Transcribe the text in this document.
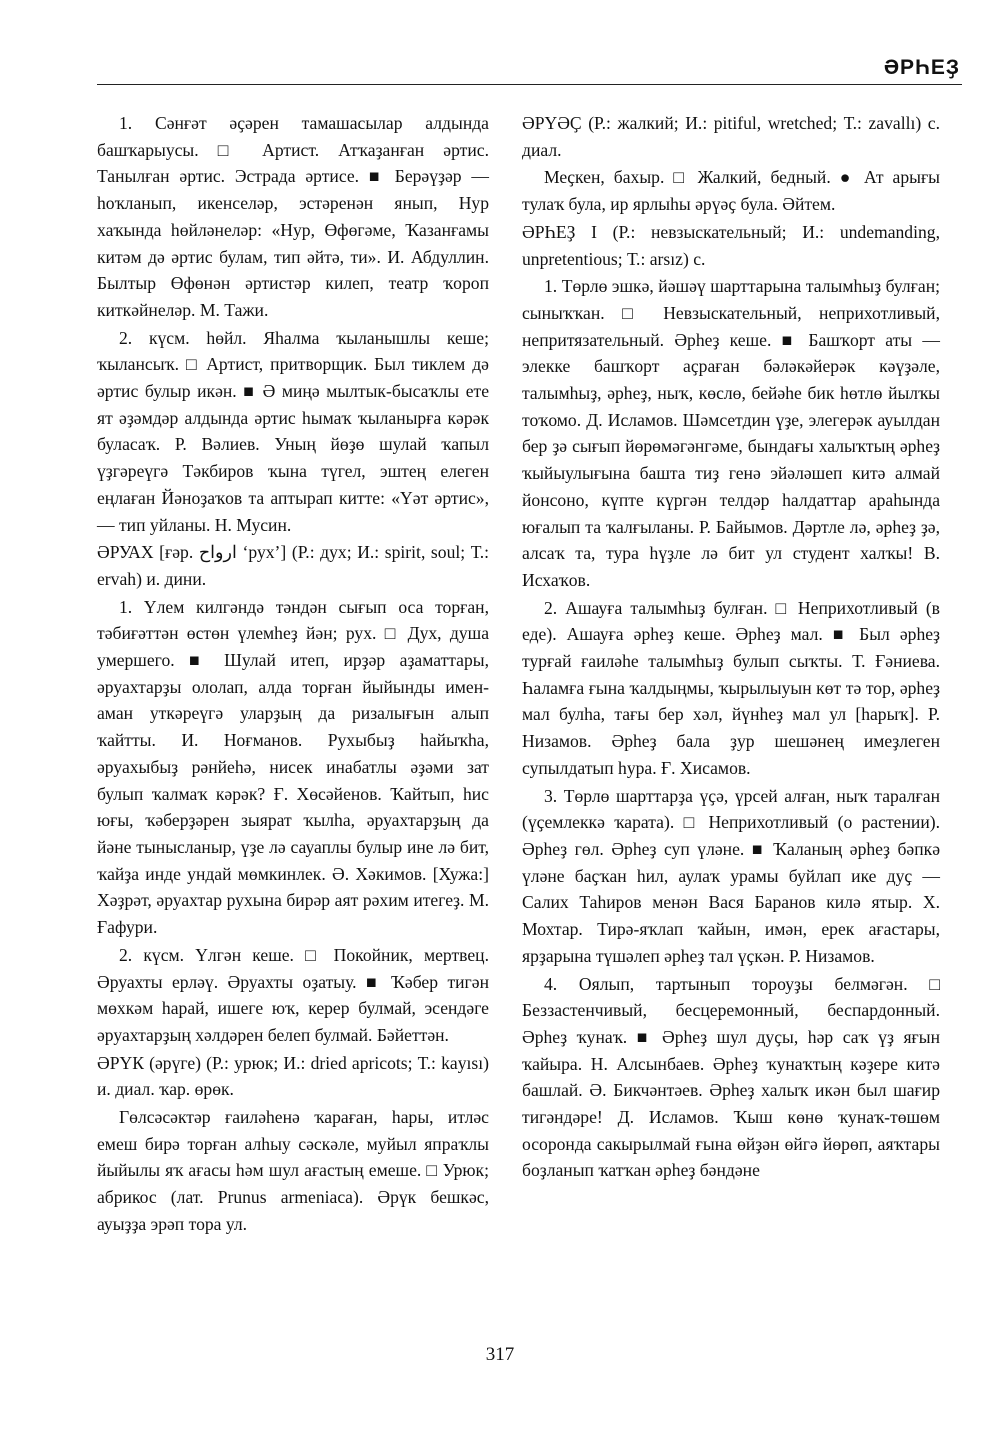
ӘРҺЕҘ

1. Сәнғәт әҫәрен тамашасылар алдында башҡарыусы. □ Артист. Атҡаҙанған әртис. Танылған әртис. Эстрада әртисе. ■ Берәүҙәр — һоҡланып, икенселәр, эстәренән янып, Нур хаҡында һөйләнеләр: «Нур, Өфөгәме, Ҡазанғамы китәм дә әртис булам, тип әйтә, ти». И. Абдуллин. Былтыр Өфөнән әртистәр килеп, театр ҡороп киткәйнеләр. М. Тажи.

2. күсм. һөйл. Яһалма ҡыланышлы кеше; ҡылансыҡ. □ Артист, притворщик. Был тиклем дә әртис булыр икән. ■ Ә миңә мылтык-бысаҡлы ете ят әҙәмдәр алдында әртис һымаҡ ҡыланырға кәрәк буласаҡ. Р. Вәлиев. Уның йөҙө шулай ҡапыл үҙгәреүгә Тәкбиров ҡына түгел, эштең елеген еңлаған Йәноҙаҡов та аптырап китте: «Үәт әртис», — тип уйланы. Н. Мусин.

ӘРУАХ [ғәр. ارواح ‘рух’] (Р.: дух; И.: spirit, soul; Т.: ervah) и. дини.

1. Үлем килгәндә тәндән сығып оса торған, тәбиғәттән өстөн үлемһеҙ йән; рух. □ Дух, душа умершего. ■ Шулай итеп, ирҙәр аҙаматтары, әруахтарҙы ололап, алда торған йыйынды имен-аман уткәреүгә уларҙың да ризалығын алып ҡайтты. И. Ноғманов. Рухыбыҙ һайыҡһа, әруахыбыҙ рәнйеһә, нисек инабатлы әҙәми зат булып ҡалмаҡ кәрәк? Ғ. Хөсәйенов. Ҡайтып, һис юғы, ҡәберҙәрен зыярат ҡылһа, әруахтарҙың да йәне тынысланыр, үҙе лә сауаплы булыр ине лә бит, ҡайҙа инде ундай мөмкинлек. Ә. Хәкимов. [Хужа:] Хәҙрәт, әруахтар рухына бирәр аят рәхим итегеҙ. М. Ғафури.

2. күсм. Үлгән кеше. □ Покойник, мертвец. Әруахты ерләү. Әруахты оҙатыу. ■ Ҡәбер тигән мөхкәм һарай, ишеге юҡ, керер булмай, эсендәге әруахтарҙың хәлдәрен белеп булмай. Бәйеттән.

ӘРҮК (әрүге) (Р.: урюк; И.: dried apricots; Т.: kayısı) и. диал. ҡар. өрөк.

Гөлсәсәктәр ғаиләһенә ҡараған, һары, итләс емеш бирә торған алһыу сәскәле, муйыл япраҡлы йыйылы яҡ ағасы һәм шул ағастың емеше. □ Урюк; абрикос (лат. Prunus armeniaca). Әрүк бешкәс, ауыҙҙа эрәп тора ул.

ӘРҮӘҪ (Р.: жалкий; И.: pitiful, wretched; Т.: zavallı) с. диал.

Меҫкен, бахыр. □ Жалкий, бедный. ● Ат арығы тулаҡ була, ир ярлыһы әрүәҫ була. Әйтем.

ӘРҺЕҘ I (Р.: невзыскательный; И.: undemanding, unpretentious; Т.: arsız) с.

1. Төрлө эшкә, йәшәү шарттарына талымһыҙ булған; сыныҡҡан. □ Невзыскательный, неприхотливый, непритязательный. Әрһеҙ кеше. ■ Башҡорт аты — элекке башҡорт аҫраған бәләкәйерәк кәүҙәле, талымһыҙ, әрһеҙ, ныҡ, көслө, бейәһе бик һөтлө йылҡы тоҡомо. Д. Исламов. Шәмсетдин үҙе, элегерәк ауылдан бер ҙә сығып йөрөмәгәнгәме, бындағы халыҡтың әрһеҙ ҡыйыулығына башта тиҙ генә эйәләшеп китә алмай йонсоно, күпте күргән телдәр һалдаттар араһында юғалып та ҡалғыланы. Р. Байымов. Дәртле лә, әрһеҙ ҙә, алсаҡ та, тура һүҙле лә бит ул студент халҡы! В. Исхаҡов.

2. Ашауға талымһыҙ булған. □ Неприхотливый (в еде). Ашауға әрһеҙ кеше. Әрһеҙ мал. ■ Был әрһеҙ турғай ғаиләһе талымһыҙ булып сыҡты. Т. Ғәниева. Һаламға ғына ҡалдыңмы, ҡырылыуын көт тә тор, әрһеҙ мал булһа, тағы бер хәл, йүнһеҙ мал ул [һарыҡ]. Р. Низамов. Әрһеҙ бала ҙур шешәнең имеҙлеген супылдатып һура. Ғ. Хисамов.

3. Төрлө шарттарҙа үҫә, үрсей алған, ныҡ таралған (үҫемлеккә ҡарата). □ Неприхотливый (о растении). Әрһеҙ гөл. Әрһеҙ суп үләне. ■ Ҡаланың әрһеҙ бәпкә үләне баҫҡан һил, аулаҡ урамы буйлап ике дуҫ — Салих Таһиров менән Вася Баранов килә ятыр. Х. Мохтар. Тирә-яҡлап ҡайын, имән, ерек ағастары, ярҙарына түшәлеп әрһеҙ тал үҫкән. Р. Низамов.

4. Оялып, тартынып тороуҙы белмәгән. □ Беззастенчивый, бесцеремонный, беспардонный. Әрһеҙ ҡунаҡ. ■ Әрһеҙ шул дуҫы, һәр саҡ үҙ яғын ҡайыра. Н. Алсынбаев. Әрһеҙ ҡунаҡтың кәҙере китә башлай. Ә. Бикчәнтәев. Әрһеҙ халыҡ икән был шағир тигәндәре! Д. Исламов. Ҡыш көнө ҡунаҡ-төшөм осоронда сакырылмай ғына өйҙән өйгә йөрөп, аяҡтары боҙланып ҡатҡан әрһеҙ бәндәне

317
